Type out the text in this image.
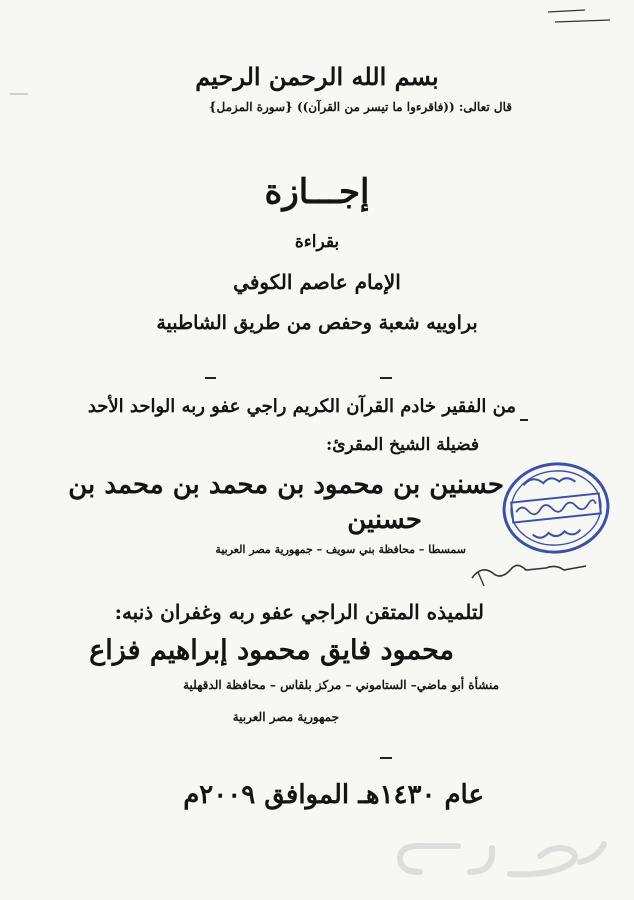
بسم الله الرحمن الرحيم
قال تعالى: ((فاقرءوا ما تيسر من القرآن)) {سورة المزمل}
إجـــازة
بقراءة
الإمام عاصم الكوفي
براوييه شعبة وحفص من طريق الشاطبية
من الفقير خادم القرآن الكريم راجي عفو ربه الواحد الأحد
فضيلة الشيخ المقرئ:
حسنين بن محمود بن محمد بن محمد بن
حسنين
سمسطا – محافظة بني سويف – جمهورية مصر العربية
لتلميذه المتقن الراجي عفو ربه وغفران ذنبه:
محمود فايق محمود إبراهيم فزاع
منشأة أبو ماضي– الستاموني – مركز بلقاس – محافظة الدقهلية
جمهورية مصر العربية
عام ١٤٣٠هـ الموافق ٢٠٠٩م
